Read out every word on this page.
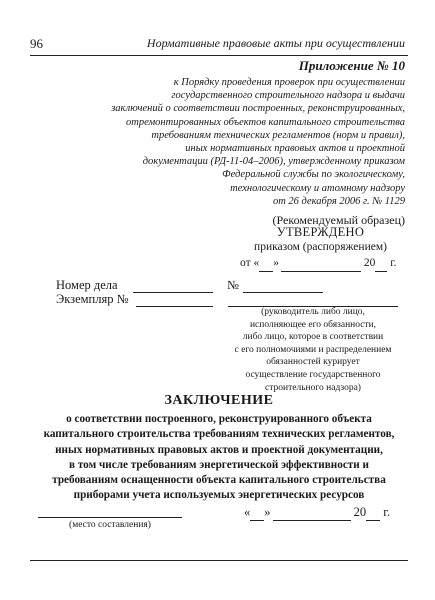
96	Нормативные правовые акты при осуществлении
Приложение № 10
к Порядку проведения проверок при осуществлении
государственного строительного надзора и выдачи
заключений о соответствии построенных, реконструированных,
отремонтированных объектов капитального строительства
требованиям технических регламентов (норм и правил),
иных нормативных правовых актов и проектной
документации (РД-11-04–2006), утвержденному приказом
Федеральной службы по экологическому,
технологическому и атомному надзору
от 26 декабря 2006 г. № 1129
(Рекомендуемый образец)
УТВЕРЖДЕНО
приказом (распоряжением)
от « »	20 г.
Номер дела	№
Экземпляр №
(руководитель либо лицо,
исполняющее его обязанности,
либо лицо, которое в соответствии
с его полномочиями и распределением
обязанностей курирует
осуществление государственного
строительного надзора)
ЗАКЛЮЧЕНИЕ
о соответствии построенного, реконструированного объекта
капитального строительства требованиям технических регламентов,
иных нормативных правовых актов и проектной документации,
в том числе требованиям энергетической эффективности и
требованиям оснащенности объекта капитального строительства
приборами учета используемых энергетических ресурсов
(место составления)
« »	20 г.
